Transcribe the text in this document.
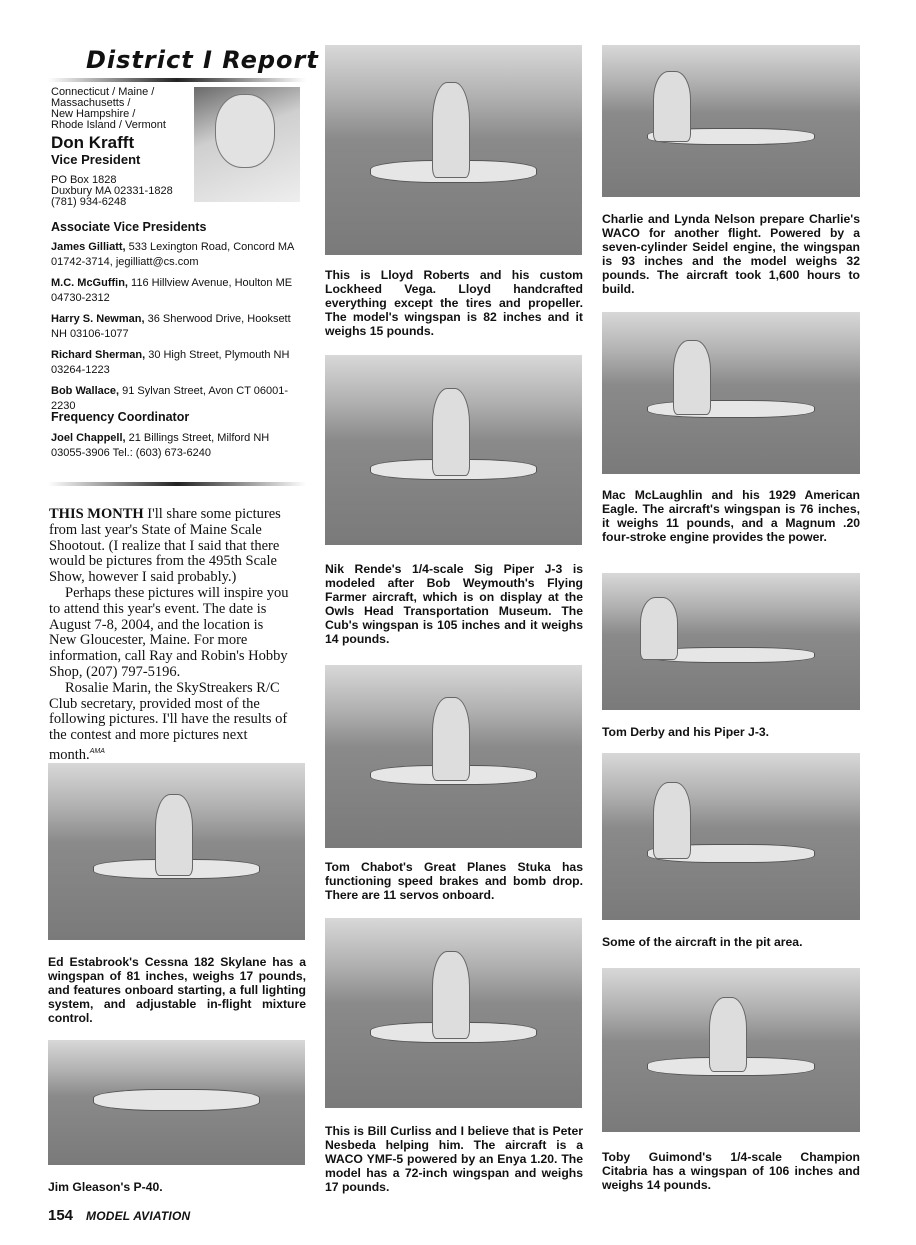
District I Report
Connecticut / Maine /
Massachusetts /
New Hampshire /
Rhode Island / Vermont
Don Krafft
Vice President
PO Box 1828
Duxbury MA 02331-1828
(781) 934-6248
Associate Vice Presidents

James Gilliatt, 533 Lexington Road, Concord MA 01742-3714, jegilliatt@cs.com

M.C. McGuffin, 116 Hillview Avenue, Houlton ME 04730-2312

Harry S. Newman, 36 Sherwood Drive, Hooksett NH 03106-1077

Richard Sherman, 30 High Street, Plymouth NH 03264-1223

Bob Wallace, 91 Sylvan Street, Avon CT 06001-2230

Frequency Coordinator

Joel Chappell, 21 Billings Street, Milford NH 03055-3906 Tel.: (603) 673-6240

THIS MONTH I'll share some pictures from last year's State of Maine Scale Shootout. (I realize that I said that there would be pictures from the 495th Scale Show, however I said probably.)

Perhaps these pictures will inspire you to attend this year's event. The date is August 7-8, 2004, and the location is New Gloucester, Maine. For more information, call Ray and Robin's Hobby Shop, (207) 797-5196.

Rosalie Marin, the SkyStreakers R/C Club secretary, provided most of the following pictures. I'll have the results of the contest and more pictures next month.$^{AMA}$

Ed Estabrook's Cessna 182 Skylane has a wingspan of 81 inches, weighs 17 pounds, and features onboard starting, a full lighting system, and adjustable in-flight mixture control.
Jim Gleason's P-40.
This is Lloyd Roberts and his custom Lockheed Vega. Lloyd handcrafted everything except the tires and propeller. The model's wingspan is 82 inches and it weighs 15 pounds.
Nik Rende's 1/4-scale Sig Piper J-3 is modeled after Bob Weymouth's Flying Farmer aircraft, which is on display at the Owls Head Transportation Museum. The Cub's wingspan is 105 inches and it weighs 14 pounds.
Tom Chabot's Great Planes Stuka has functioning speed brakes and bomb drop. There are 11 servos onboard.
This is Bill Curliss and I believe that is Peter Nesbeda helping him. The aircraft is a WACO YMF-5 powered by an Enya 1.20. The model has a 72-inch wingspan and weighs 17 pounds.
Charlie and Lynda Nelson prepare Charlie's WACO for another flight. Powered by a seven-cylinder Seidel engine, the wingspan is 93 inches and the model weighs 32 pounds. The aircraft took 1,600 hours to build.
Mac McLaughlin and his 1929 American Eagle. The aircraft's wingspan is 76 inches, it weighs 11 pounds, and a Magnum .20 four-stroke engine provides the power.
Tom Derby and his Piper J-3.
Some of the aircraft in the pit area.
Toby Guimond's 1/4-scale Champion Citabria has a wingspan of 106 inches and weighs 14 pounds.
154 MODEL AVIATION
